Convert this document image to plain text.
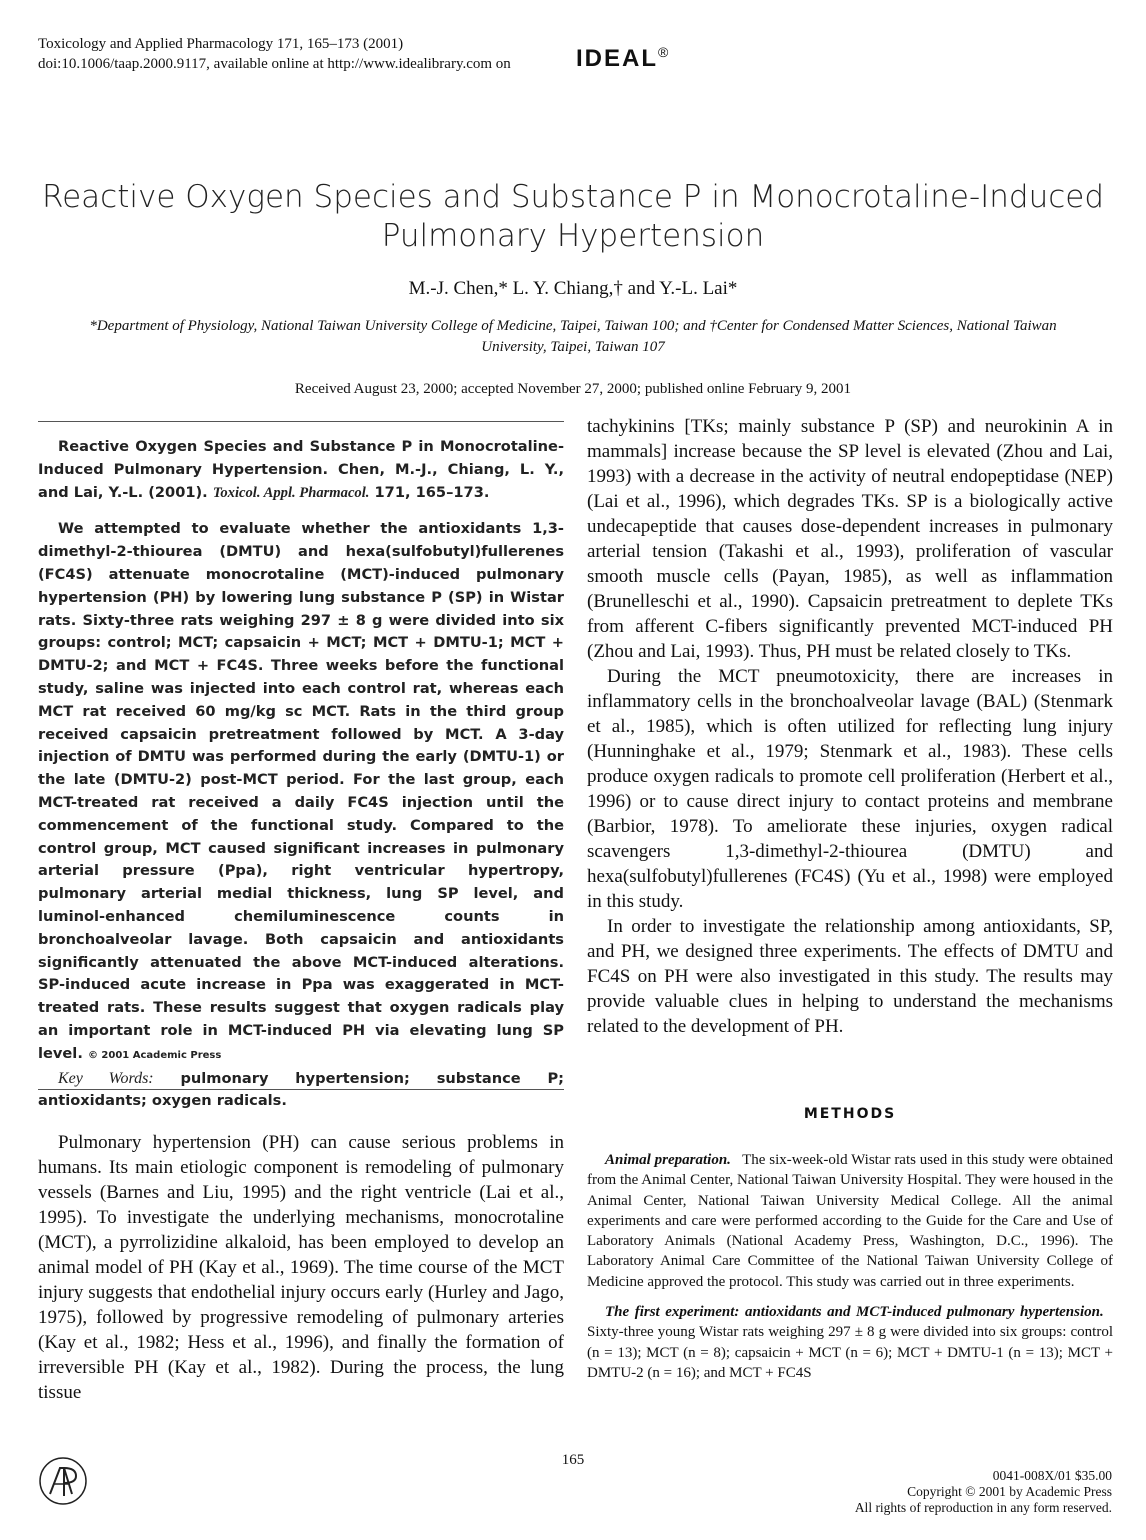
Toxicology and Applied Pharmacology 171, 165–173 (2001)
doi:10.1006/taap.2000.9117, available online at http://www.idealibrary.com on	IDEAL®
Reactive Oxygen Species and Substance P in Monocrotaline-Induced Pulmonary Hypertension
M.-J. Chen,* L. Y. Chiang,† and Y.-L. Lai*
*Department of Physiology, National Taiwan University College of Medicine, Taipei, Taiwan 100; and †Center for Condensed Matter Sciences, National Taiwan University, Taipei, Taiwan 107
Received August 23, 2000; accepted November 27, 2000; published online February 9, 2001

Reactive Oxygen Species and Substance P in Monocrotaline-Induced Pulmonary Hypertension. Chen, M.-J., Chiang, L. Y., and Lai, Y.-L. (2001). Toxicol. Appl. Pharmacol. 171, 165–173.

We attempted to evaluate whether the antioxidants 1,3-dimethyl-2-thiourea (DMTU) and hexa(sulfobutyl)fullerenes (FC4S) attenuate monocrotaline (MCT)-induced pulmonary hypertension (PH) by lowering lung substance P (SP) in Wistar rats. Sixty-three rats weighing 297 ± 8 g were divided into six groups: control; MCT; capsaicin + MCT; MCT + DMTU-1; MCT + DMTU-2; and MCT + FC4S. Three weeks before the functional study, saline was injected into each control rat, whereas each MCT rat received 60 mg/kg sc MCT. Rats in the third group received capsaicin pretreatment followed by MCT. A 3-day injection of DMTU was performed during the early (DMTU-1) or the late (DMTU-2) post-MCT period. For the last group, each MCT-treated rat received a daily FC4S injection until the commencement of the functional study. Compared to the control group, MCT caused significant increases in pulmonary arterial pressure (Ppa), right ventricular hypertropy, pulmonary arterial medial thickness, lung SP level, and luminol-enhanced chemiluminescence counts in bronchoalveolar lavage. Both capsaicin and antioxidants significantly attenuated the above MCT-induced alterations. SP-induced acute increase in Ppa was exaggerated in MCT-treated rats. These results suggest that oxygen radicals play an important role in MCT-induced PH via elevating lung SP level. © 2001 Academic Press

Key Words: pulmonary hypertension; substance P; antioxidants; oxygen radicals.

Pulmonary hypertension (PH) can cause serious problems in humans. Its main etiologic component is remodeling of pulmonary vessels (Barnes and Liu, 1995) and the right ventricle (Lai et al., 1995). To investigate the underlying mechanisms, monocrotaline (MCT), a pyrrolizidine alkaloid, has been employed to develop an animal model of PH (Kay et al., 1969). The time course of the MCT injury suggests that endothelial injury occurs early (Hurley and Jago, 1975), followed by progressive remodeling of pulmonary arteries (Kay et al., 1982; Hess et al., 1996), and finally the formation of irreversible PH (Kay et al., 1982). During the process, the lung tissue

tachykinins [TKs; mainly substance P (SP) and neurokinin A in mammals] increase because the SP level is elevated (Zhou and Lai, 1993) with a decrease in the activity of neutral endopeptidase (NEP) (Lai et al., 1996), which degrades TKs. SP is a biologically active undecapeptide that causes dose-dependent increases in pulmonary arterial tension (Takashi et al., 1993), proliferation of vascular smooth muscle cells (Payan, 1985), as well as inflammation (Brunelleschi et al., 1990). Capsaicin pretreatment to deplete TKs from afferent C-fibers significantly prevented MCT-induced PH (Zhou and Lai, 1993). Thus, PH must be related closely to TKs.

During the MCT pneumotoxicity, there are increases in inflammatory cells in the bronchoalveolar lavage (BAL) (Stenmark et al., 1985), which is often utilized for reflecting lung injury (Hunninghake et al., 1979; Stenmark et al., 1983). These cells produce oxygen radicals to promote cell proliferation (Herbert et al., 1996) or to cause direct injury to contact proteins and membrane (Barbior, 1978). To ameliorate these injuries, oxygen radical scavengers 1,3-dimethyl-2-thiourea (DMTU) and hexa(sulfobutyl)fullerenes (FC4S) (Yu et al., 1998) were employed in this study.

In order to investigate the relationship among antioxidants, SP, and PH, we designed three experiments. The effects of DMTU and FC4S on PH were also investigated in this study. The results may provide valuable clues in helping to understand the mechanisms related to the development of PH.

METHODS

Animal preparation. The six-week-old Wistar rats used in this study were obtained from the Animal Center, National Taiwan University Hospital. They were housed in the Animal Center, National Taiwan University Medical College. All the animal experiments and care were performed according to the Guide for the Care and Use of Laboratory Animals (National Academy Press, Washington, D.C., 1996). The Laboratory Animal Care Committee of the National Taiwan University College of Medicine approved the protocol. This study was carried out in three experiments.

The first experiment: antioxidants and MCT-induced pulmonary hypertension.   Sixty-three young Wistar rats weighing 297 ± 8 g were divided into six groups: control (n = 13); MCT (n = 8); capsaicin + MCT (n = 6); MCT + DMTU-1 (n = 13); MCT + DMTU-2 (n = 16); and MCT + FC4S

165
0041-008X/01 $35.00
Copyright © 2001 by Academic Press
All rights of reproduction in any form reserved.
